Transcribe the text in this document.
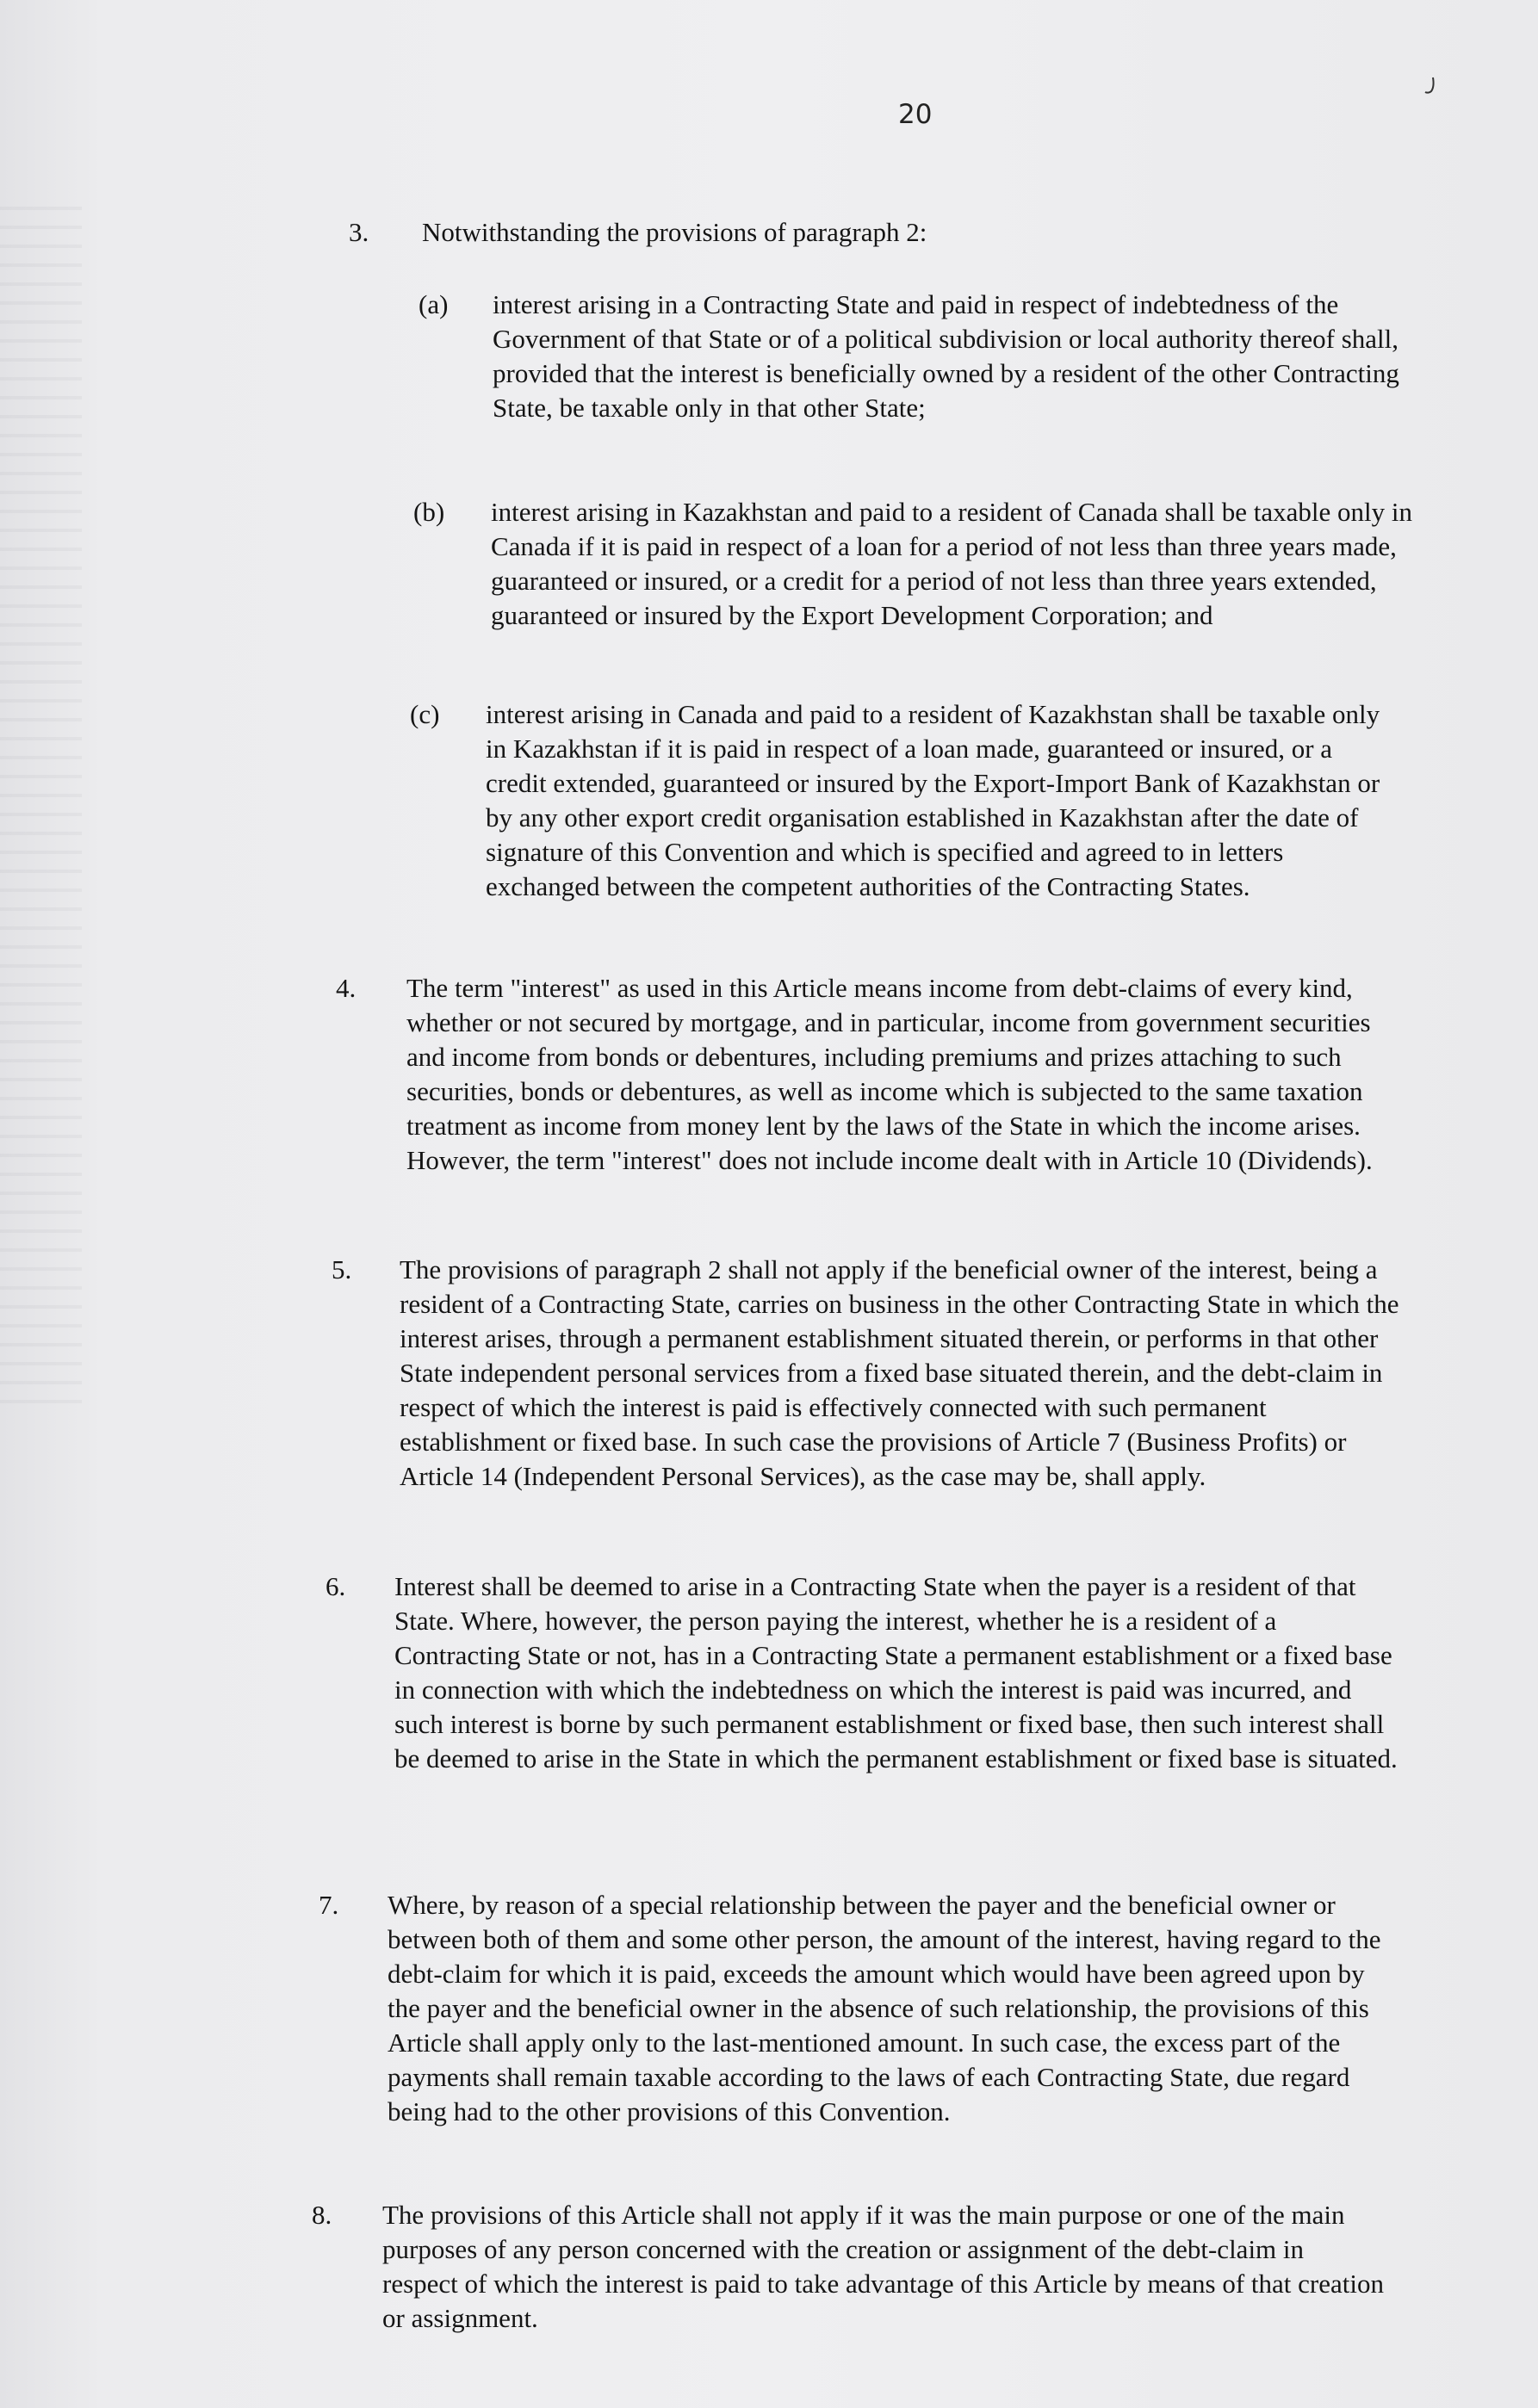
20
3. Notwithstanding the provisions of paragraph 2:

(a) interest arising in a Contracting State and paid in respect of indebtedness of the Government of that State or of a political subdivision or local authority thereof shall, provided that the interest is beneficially owned by a resident of the other Contracting State, be taxable only in that other State;

(b) interest arising in Kazakhstan and paid to a resident of Canada shall be taxable only in Canada if it is paid in respect of a loan for a period of not less than three years made, guaranteed or insured, or a credit for a period of not less than three years extended, guaranteed or insured by the Export Development Corporation; and

(c) interest arising in Canada and paid to a resident of Kazakhstan shall be taxable only in Kazakhstan if it is paid in respect of a loan made, guaranteed or insured, or a credit extended, guaranteed or insured by the Export-Import Bank of Kazakhstan or by any other export credit organisation established in Kazakhstan after the date of signature of this Convention and which is specified and agreed to in letters exchanged between the competent authorities of the Contracting States.

4. The term "interest" as used in this Article means income from debt-claims of every kind, whether or not secured by mortgage, and in particular, income from government securities and income from bonds or debentures, including premiums and prizes attaching to such securities, bonds or debentures, as well as income which is subjected to the same taxation treatment as income from money lent by the laws of the State in which the income arises. However, the term "interest" does not include income dealt with in Article 10 (Dividends).

5. The provisions of paragraph 2 shall not apply if the beneficial owner of the interest, being a resident of a Contracting State, carries on business in the other Contracting State in which the interest arises, through a permanent establishment situated therein, or performs in that other State independent personal services from a fixed base situated therein, and the debt-claim in respect of which the interest is paid is effectively connected with such permanent establishment or fixed base. In such case the provisions of Article 7 (Business Profits) or Article 14 (Independent Personal Services), as the case may be, shall apply.

6. Interest shall be deemed to arise in a Contracting State when the payer is a resident of that State. Where, however, the person paying the interest, whether he is a resident of a Contracting State or not, has in a Contracting State a permanent establishment or a fixed base in connection with which the indebtedness on which the interest is paid was incurred, and such interest is borne by such permanent establishment or fixed base, then such interest shall be deemed to arise in the State in which the permanent establishment or fixed base is situated.

7. Where, by reason of a special relationship between the payer and the beneficial owner or between both of them and some other person, the amount of the interest, having regard to the debt-claim for which it is paid, exceeds the amount which would have been agreed upon by the payer and the beneficial owner in the absence of such relationship, the provisions of this Article shall apply only to the last-mentioned amount. In such case, the excess part of the payments shall remain taxable according to the laws of each Contracting State, due regard being had to the other provisions of this Convention.

8. The provisions of this Article shall not apply if it was the main purpose or one of the main purposes of any person concerned with the creation or assignment of the debt-claim in respect of which the interest is paid to take advantage of this Article by means of that creation or assignment.
